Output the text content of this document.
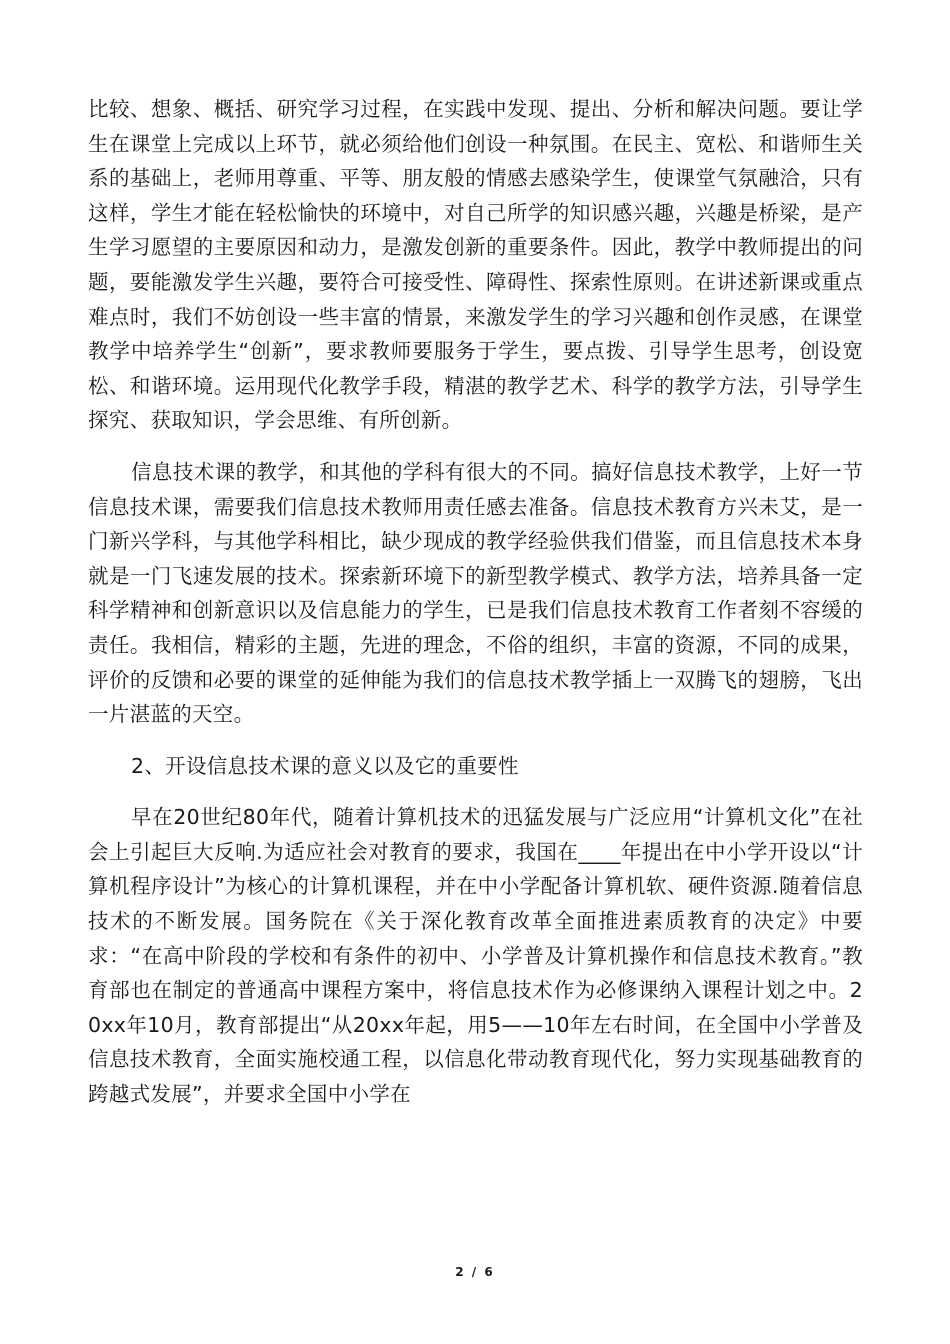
比较、想象、概括、研究学习过程，在实践中发现、提出、分析和解决问题。要让学生在课堂上完成以上环节，就必须给他们创设一种氛围。在民主、宽松、和谐师生关系的基础上，老师用尊重、平等、朋友般的情感去感染学生，使课堂气氛融洽，只有这样，学生才能在轻松愉快的环境中，对自己所学的知识感兴趣，兴趣是桥梁，是产生学习愿望的主要原因和动力，是激发创新的重要条件。因此，教学中教师提出的问题，要能激发学生兴趣，要符合可接受性、障碍性、探索性原则。在讲述新课或重点难点时，我们不妨创设一些丰富的情景，来激发学生的学习兴趣和创作灵感，在课堂教学中培养学生“创新”，要求教师要服务于学生，要点拨、引导学生思考，创设宽松、和谐环境。运用现代化教学手段，精湛的教学艺术、科学的教学方法，引导学生探究、获取知识，学会思维、有所创新。

信息技术课的教学，和其他的学科有很大的不同。搞好信息技术教学，上好一节信息技术课，需要我们信息技术教师用责任感去准备。信息技术教育方兴未艾，是一门新兴学科，与其他学科相比，缺少现成的教学经验供我们借鉴，而且信息技术本身就是一门飞速发展的技术。探索新环境下的新型教学模式、教学方法，培养具备一定科学精神和创新意识以及信息能力的学生，已是我们信息技术教育工作者刻不容缓的责任。我相信，精彩的主题，先进的理念，不俗的组织，丰富的资源，不同的成果，评价的反馈和必要的课堂的延伸能为我们的信息技术教学插上一双腾飞的翅膀，飞出一片湛蓝的天空。

2、开设信息技术课的意义以及它的重要性

早在20世纪80年代，随着计算机技术的迅猛发展与广泛应用“计算机文化”在社会上引起巨大反响.为适应社会对教育的要求，我国在____年提出在中小学开设以“计算机程序设计”为核心的计算机课程，并在中小学配备计算机软、硬件资源.随着信息技术的不断发展。国务院在《关于深化教育改革全面推进素质教育的决定》中要求：“在高中阶段的学校和有条件的初中、小学普及计算机操作和信息技术教育。”教育部也在制定的普通高中课程方案中，将信息技术作为必修课纳入课程计划之中。20xx年10月，教育部提出“从20xx年起，用5——10年左右时间，在全国中小学普及信息技术教育，全面实施校通工程，以信息化带动教育现代化，努力实现基础教育的跨越式发展”，并要求全国中小学在

2 / 6
